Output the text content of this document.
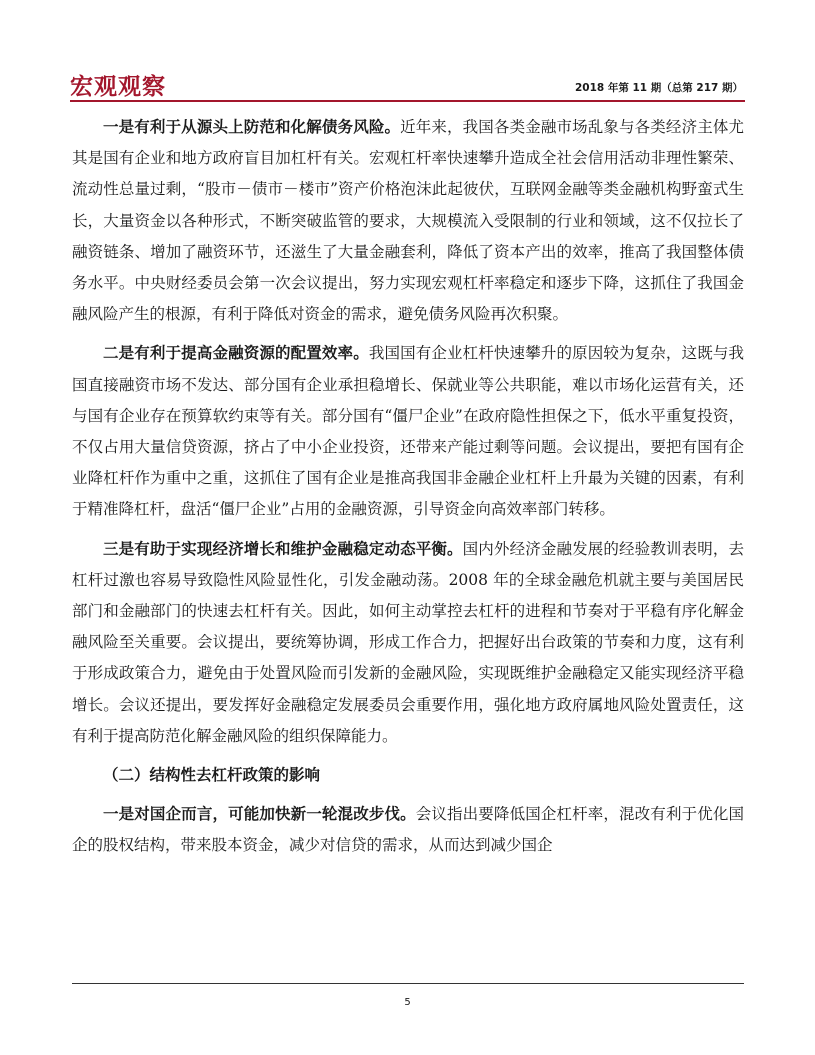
宏观观察	2018 年第 11 期（总第 217 期）

一是有利于从源头上防范和化解债务风险。近年来，我国各类金融市场乱象与各类经济主体尤其是国有企业和地方政府盲目加杠杆有关。宏观杠杆率快速攀升造成全社会信用活动非理性繁荣、流动性总量过剩，“股市－债市－楼市”资产价格泡沫此起彼伏，互联网金融等类金融机构野蛮式生长，大量资金以各种形式，不断突破监管的要求，大规模流入受限制的行业和领域，这不仅拉长了融资链条、增加了融资环节，还滋生了大量金融套利，降低了资本产出的效率，推高了我国整体债务水平。中央财经委员会第一次会议提出，努力实现宏观杠杆率稳定和逐步下降，这抓住了我国金融风险产生的根源，有利于降低对资金的需求，避免债务风险再次积聚。

二是有利于提高金融资源的配置效率。我国国有企业杠杆快速攀升的原因较为复杂，这既与我国直接融资市场不发达、部分国有企业承担稳增长、保就业等公共职能，难以市场化运营有关，还与国有企业存在预算软约束等有关。部分国有“僵尸企业”在政府隐性担保之下，低水平重复投资，不仅占用大量信贷资源，挤占了中小企业投资，还带来产能过剩等问题。会议提出，要把有国有企业降杠杆作为重中之重，这抓住了国有企业是推高我国非金融企业杠杆上升最为关键的因素，有利于精准降杠杆，盘活“僵尸企业”占用的金融资源，引导资金向高效率部门转移。

三是有助于实现经济增长和维护金融稳定动态平衡。国内外经济金融发展的经验教训表明，去杠杆过激也容易导致隐性风险显性化，引发金融动荡。2008 年的全球金融危机就主要与美国居民部门和金融部门的快速去杠杆有关。因此，如何主动掌控去杠杆的进程和节奏对于平稳有序化解金融风险至关重要。会议提出，要统筹协调，形成工作合力，把握好出台政策的节奏和力度，这有利于形成政策合力，避免由于处置风险而引发新的金融风险，实现既维护金融稳定又能实现经济平稳增长。会议还提出，要发挥好金融稳定发展委员会重要作用，强化地方政府属地风险处置责任，这有利于提高防范化解金融风险的组织保障能力。

（二）结构性去杠杆政策的影响

一是对国企而言，可能加快新一轮混改步伐。会议指出要降低国企杠杆率，混改有利于优化国企的股权结构，带来股本资金，减少对信贷的需求，从而达到减少国企

5
